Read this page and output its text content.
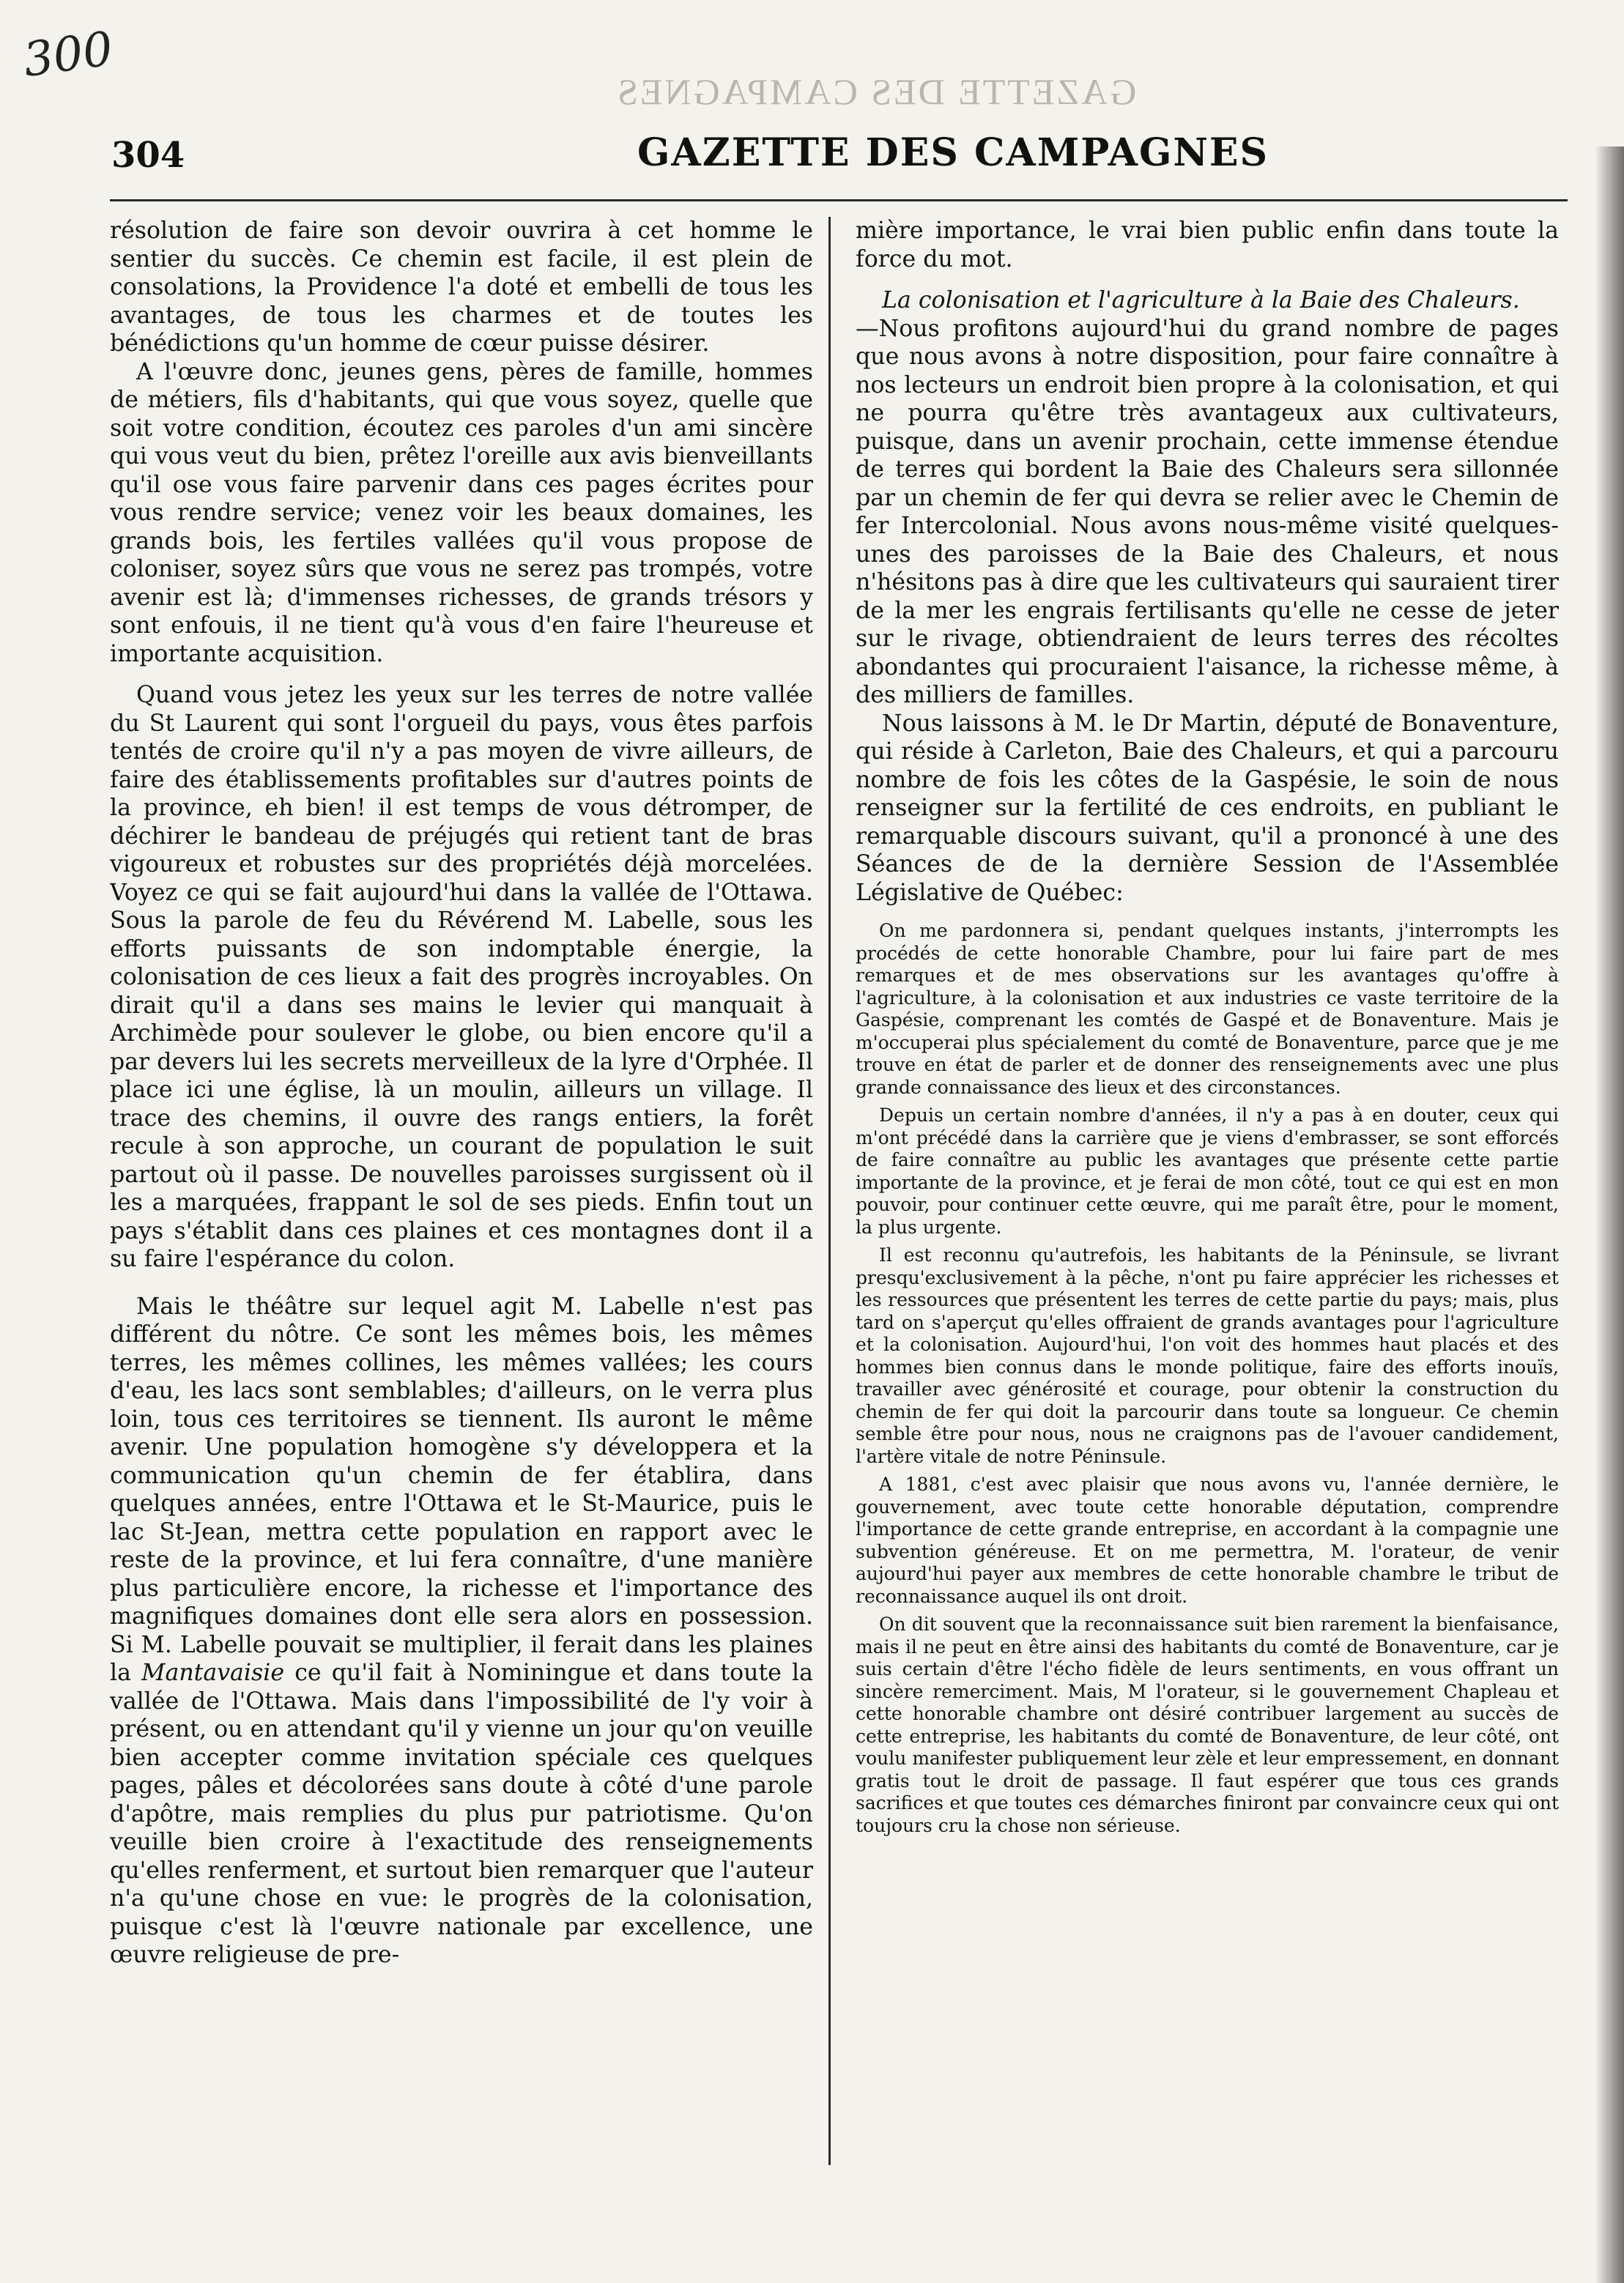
300
GAZETTE DES CAMPAGNES
304	GAZETTE DES CAMPAGNES

résolution de faire son devoir ouvrira à cet homme le sentier du succès. Ce chemin est facile, il est plein de consolations, la Providence l'a doté et embelli de tous les avantages, de tous les charmes et de toutes les bénédictions qu'un homme de cœur puisse désirer.

A l'œuvre donc, jeunes gens, pères de famille, hommes de métiers, fils d'habitants, qui que vous soyez, quelle que soit votre condition, écoutez ces paroles d'un ami sincère qui vous veut du bien, prêtez l'oreille aux avis bienveillants qu'il ose vous faire parvenir dans ces pages écrites pour vous rendre service; venez voir les beaux domaines, les grands bois, les fertiles vallées qu'il vous propose de coloniser, soyez sûrs que vous ne serez pas trompés, votre avenir est là; d'immenses richesses, de grands trésors y sont enfouis, il ne tient qu'à vous d'en faire l'heureuse et importante acquisition.

Quand vous jetez les yeux sur les terres de notre vallée du St Laurent qui sont l'orgueil du pays, vous êtes parfois tentés de croire qu'il n'y a pas moyen de vivre ailleurs, de faire des établissements profitables sur d'autres points de la province, eh bien! il est temps de vous détromper, de déchirer le bandeau de préjugés qui retient tant de bras vigoureux et robustes sur des propriétés déjà morcelées. Voyez ce qui se fait aujourd'hui dans la vallée de l'Ottawa. Sous la parole de feu du Révérend M. Labelle, sous les efforts puissants de son indomptable énergie, la colonisation de ces lieux a fait des progrès incroyables. On dirait qu'il a dans ses mains le levier qui manquait à Archimède pour soulever le globe, ou bien encore qu'il a par devers lui les secrets merveilleux de la lyre d'Orphée. Il place ici une église, là un moulin, ailleurs un village. Il trace des chemins, il ouvre des rangs entiers, la forêt recule à son approche, un courant de population le suit partout où il passe. De nouvelles paroisses surgissent où il les a marquées, frappant le sol de ses pieds. Enfin tout un pays s'établit dans ces plaines et ces montagnes dont il a su faire l'espérance du colon.

Mais le théâtre sur lequel agit M. Labelle n'est pas différent du nôtre. Ce sont les mêmes bois, les mêmes terres, les mêmes collines, les mêmes vallées; les cours d'eau, les lacs sont semblables; d'ailleurs, on le verra plus loin, tous ces territoires se tiennent. Ils auront le même avenir. Une population homogène s'y développera et la communication qu'un chemin de fer établira, dans quelques années, entre l'Ottawa et le St-Maurice, puis le lac St-Jean, mettra cette population en rapport avec le reste de la province, et lui fera connaître, d'une manière plus particulière encore, la richesse et l'importance des magnifiques domaines dont elle sera alors en possession. Si M. Labelle pouvait se multiplier, il ferait dans les plaines la Mantavaisie ce qu'il fait à Nominingue et dans toute la vallée de l'Ottawa. Mais dans l'impossibilité de l'y voir à présent, ou en attendant qu'il y vienne un jour qu'on veuille bien accepter comme invitation spéciale ces quelques pages, pâles et décolorées sans doute à côté d'une parole d'apôtre, mais remplies du plus pur patriotisme. Qu'on veuille bien croire à l'exactitude des renseignements qu'elles renferment, et surtout bien remarquer que l'auteur n'a qu'une chose en vue: le progrès de la colonisation, puisque c'est là l'œuvre nationale par excellence, une œuvre religieuse de pre-

mière importance, le vrai bien public enfin dans toute la force du mot.

La colonisation et l'agriculture à la Baie des Chaleurs.

—Nous profitons aujourd'hui du grand nombre de pages que nous avons à notre disposition, pour faire connaître à nos lecteurs un endroit bien propre à la colonisation, et qui ne pourra qu'être très avantageux aux cultivateurs, puisque, dans un avenir prochain, cette immense étendue de terres qui bordent la Baie des Chaleurs sera sillonnée par un chemin de fer qui devra se relier avec le Chemin de fer Intercolonial. Nous avons nous-même visité quelques-unes des paroisses de la Baie des Chaleurs, et nous n'hésitons pas à dire que les cultivateurs qui sauraient tirer de la mer les engrais fertilisants qu'elle ne cesse de jeter sur le rivage, obtiendraient de leurs terres des récoltes abondantes qui procuraient l'aisance, la richesse même, à des milliers de familles.

Nous laissons à M. le Dr Martin, député de Bonaventure, qui réside à Carleton, Baie des Chaleurs, et qui a parcouru nombre de fois les côtes de la Gaspésie, le soin de nous renseigner sur la fertilité de ces endroits, en publiant le remarquable discours suivant, qu'il a prononcé à une des Séances de de la dernière Session de l'Assemblée Législative de Québec:

On me pardonnera si, pendant quelques instants, j'interrompts les procédés de cette honorable Chambre, pour lui faire part de mes remarques et de mes observations sur les avantages qu'offre à l'agriculture, à la colonisation et aux industries ce vaste territoire de la Gaspésie, comprenant les comtés de Gaspé et de Bonaventure. Mais je m'occuperai plus spécialement du comté de Bonaventure, parce que je me trouve en état de parler et de donner des renseignements avec une plus grande connaissance des lieux et des circonstances.

Depuis un certain nombre d'années, il n'y a pas à en douter, ceux qui m'ont précédé dans la carrière que je viens d'embrasser, se sont efforcés de faire connaître au public les avantages que présente cette partie importante de la province, et je ferai de mon côté, tout ce qui est en mon pouvoir, pour continuer cette œuvre, qui me paraît être, pour le moment, la plus urgente.

Il est reconnu qu'autrefois, les habitants de la Péninsule, se livrant presqu'exclusivement à la pêche, n'ont pu faire apprécier les richesses et les ressources que présentent les terres de cette partie du pays; mais, plus tard on s'aperçut qu'elles offraient de grands avantages pour l'agriculture et la colonisation. Aujourd'hui, l'on voit des hommes haut placés et des hommes bien connus dans le monde politique, faire des efforts inouïs, travailler avec générosité et courage, pour obtenir la construction du chemin de fer qui doit la parcourir dans toute sa longueur. Ce chemin semble être pour nous, nous ne craignons pas de l'avouer candidement, l'artère vitale de notre Péninsule.

A 1881, c'est avec plaisir que nous avons vu, l'année dernière, le gouvernement, avec toute cette honorable députation, comprendre l'importance de cette grande entreprise, en accordant à la compagnie une subvention généreuse. Et on me permettra, M. l'orateur, de venir aujourd'hui payer aux membres de cette honorable chambre le tribut de reconnaissance auquel ils ont droit.

On dit souvent que la reconnaissance suit bien rarement la bienfaisance, mais il ne peut en être ainsi des habitants du comté de Bonaventure, car je suis certain d'être l'écho fidèle de leurs sentiments, en vous offrant un sincère remerciment. Mais, M l'orateur, si le gouvernement Chapleau et cette honorable chambre ont désiré contribuer largement au succès de cette entreprise, les habitants du comté de Bonaventure, de leur côté, ont voulu manifester publiquement leur zèle et leur empressement, en donnant gratis tout le droit de passage. Il faut espérer que tous ces grands sacrifices et que toutes ces démarches finiront par convaincre ceux qui ont toujours cru la chose non sérieuse.
